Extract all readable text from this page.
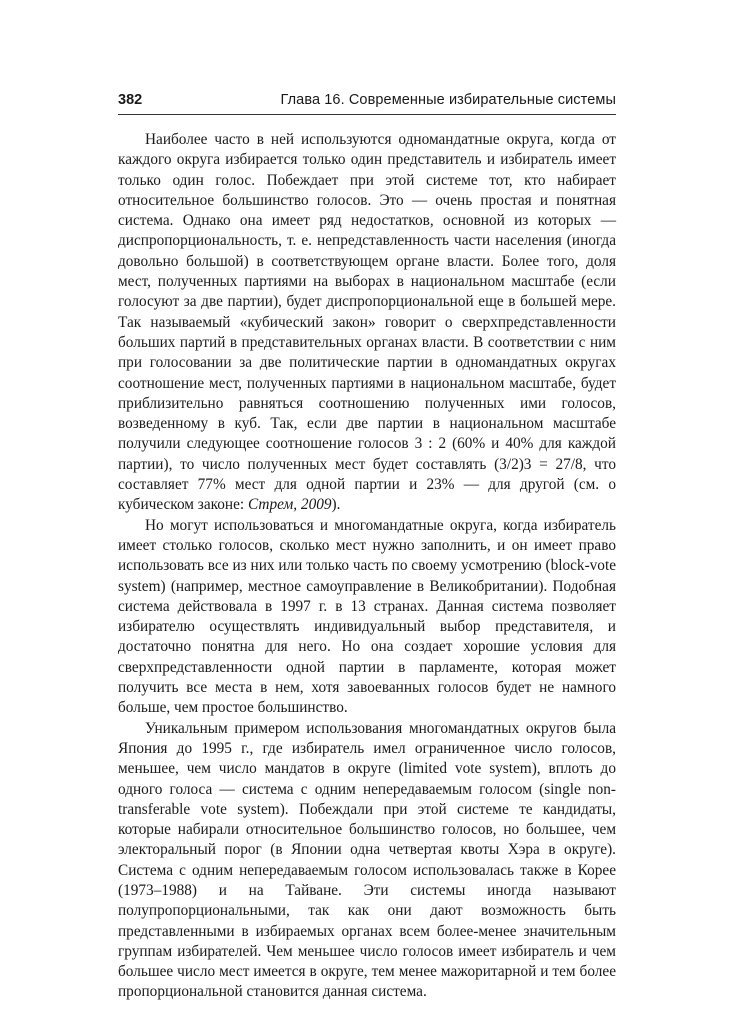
382	Глава 16. Современные избирательные системы

Наиболее часто в ней используются одномандатные округа, когда от каждого округа избирается только один представитель и избиратель имеет только один голос. Побеждает при этой системе тот, кто набирает относительное большинство голосов. Это — очень простая и понятная система. Однако она имеет ряд недостатков, основной из которых — диспропорциональность, т. е. непредставленность части населения (иногда довольно большой) в соответствующем органе власти. Более того, доля мест, полученных партиями на выборах в национальном масштабе (если голосуют за две партии), будет диспропорциональной еще в большей мере. Так называемый «кубический закон» говорит о сверхпредставленности больших партий в представительных органах власти. В соответствии с ним при голосовании за две политические партии в одномандатных округах соотношение мест, полученных партиями в национальном масштабе, будет приблизительно равняться соотношению полученных ими голосов, возведенному в куб. Так, если две партии в национальном масштабе получили следующее соотношение голосов 3 : 2 (60% и 40% для каждой партии), то число полученных мест будет составлять (3/2)3 = 27/8, что составляет 77% мест для одной партии и 23% — для другой (см. о кубическом законе: Стрем, 2009).

Но могут использоваться и многомандатные округа, когда избиратель имеет столько голосов, сколько мест нужно заполнить, и он имеет право использовать все из них или только часть по своему усмотрению (block-vote system) (например, местное самоуправление в Великобритании). Подобная система действовала в 1997 г. в 13 странах. Данная система позволяет избирателю осуществлять индивидуальный выбор представителя, и достаточно понятна для него. Но она создает хорошие условия для сверхпредставленности одной партии в парламенте, которая может получить все места в нем, хотя завоеванных голосов будет не намного больше, чем простое большинство.

Уникальным примером использования многомандатных округов была Япония до 1995 г., где избиратель имел ограниченное число голосов, меньшее, чем число мандатов в округе (limited vote system), вплоть до одного голоса — система с одним непередаваемым голосом (single non-transferable vote system). Побеждали при этой системе те кандидаты, которые набирали относительное большинство голосов, но большее, чем электоральный порог (в Японии одна четвертая квоты Хэра в округе). Система с одним непередаваемым голосом использовалась также в Корее (1973–1988) и на Тайване. Эти системы иногда называют полупропорциональными, так как они дают возможность быть представленными в избираемых органах всем более-менее значительным группам избирателей. Чем меньшее число голосов имеет избиратель и чем большее число мест имеется в округе, тем менее мажоритарной и тем более пропорциональной становится данная система.
